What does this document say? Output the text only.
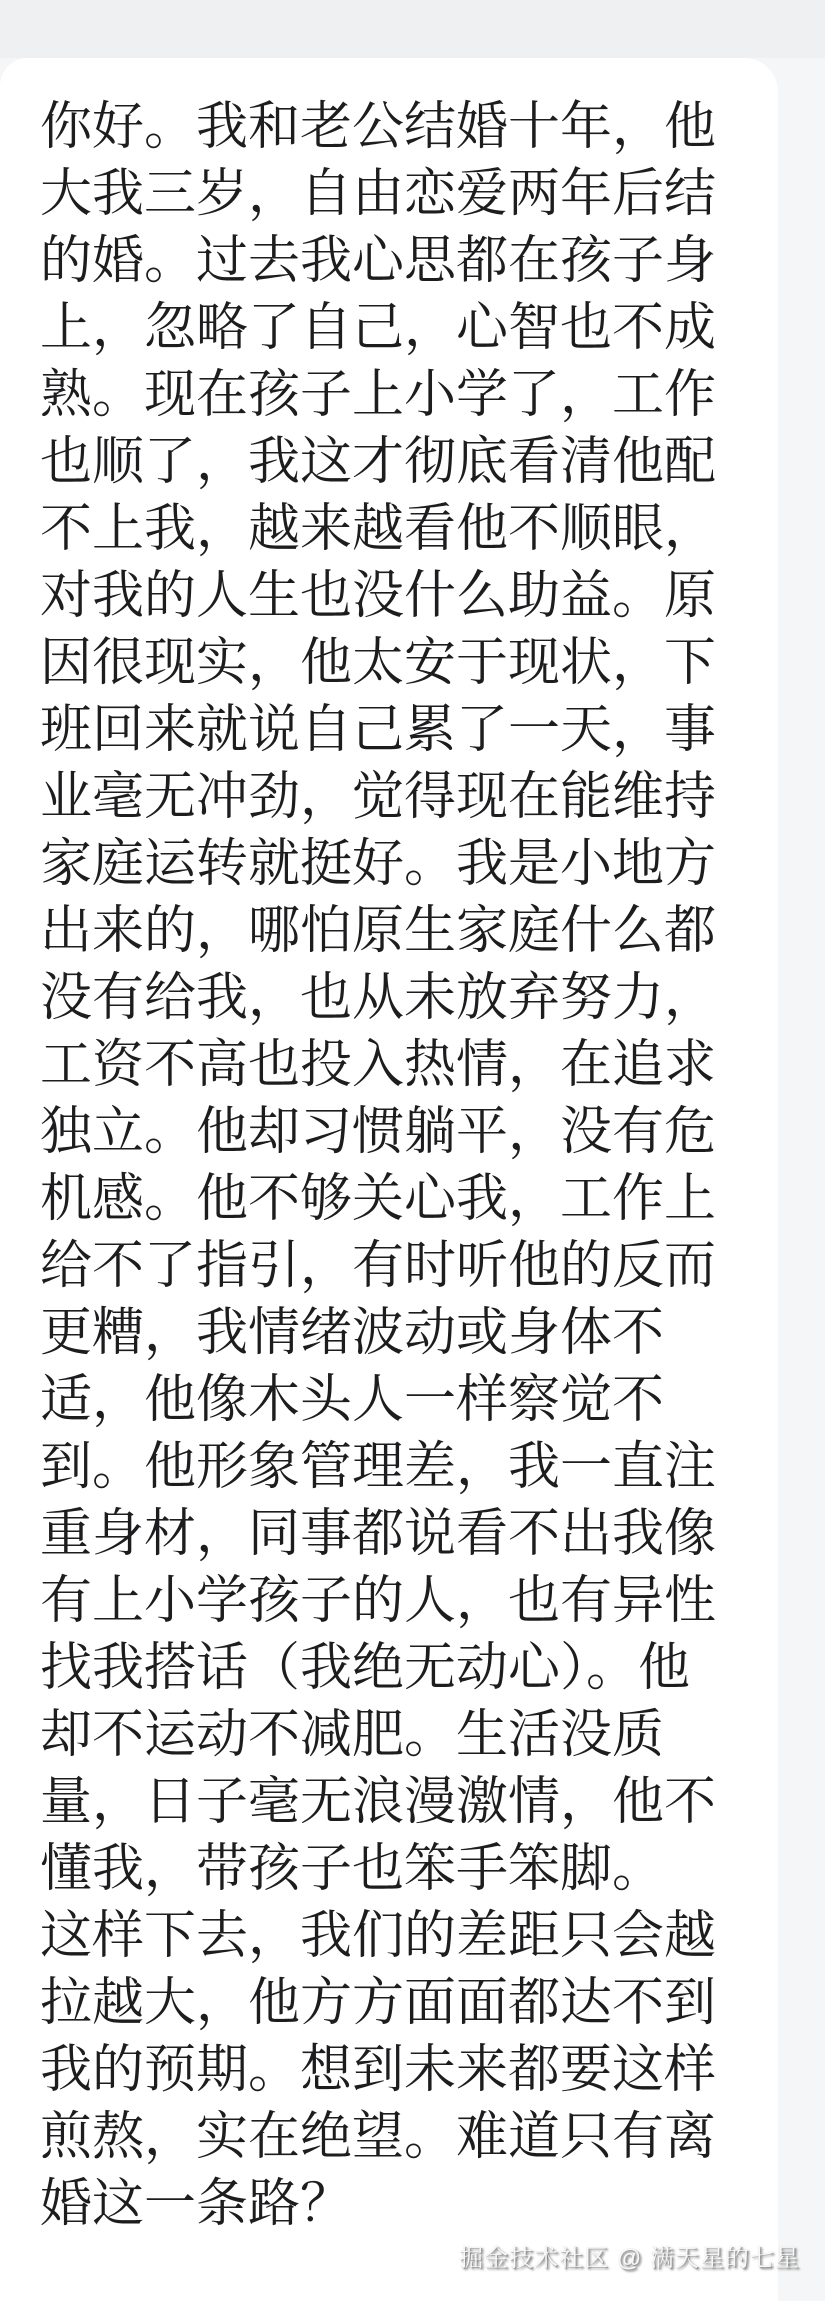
你好。我和老公结婚十年，他
大我三岁，自由恋爱两年后结
的婚。过去我心思都在孩子身
上，忽略了自己，心智也不成
熟。现在孩子上小学了，工作
也顺了，我这才彻底看清他配
不上我，越来越看他不顺眼，
对我的人生也没什么助益。原
因很现实，他太安于现状，下
班回来就说自己累了一天，事
业毫无冲劲，觉得现在能维持
家庭运转就挺好。我是小地方
出来的，哪怕原生家庭什么都
没有给我，也从未放弃努力，
工资不高也投入热情，在追求
独立。他却习惯躺平，没有危
机感。他不够关心我，工作上
给不了指引，有时听他的反而
更糟，我情绪波动或身体不
适，他像木头人一样察觉不
到。他形象管理差，我一直注
重身材，同事都说看不出我像
有上小学孩子的人，也有异性
找我搭话（我绝无动心）。他
却不运动不减肥。生活没质
量，日子毫无浪漫激情，他不
懂我，带孩子也笨手笨脚。
这样下去，我们的差距只会越
拉越大，他方方面面都达不到
我的预期。想到未来都要这样
煎熬，实在绝望。难道只有离
婚这一条路？
掘金技术社区 @ 满天星的七星
